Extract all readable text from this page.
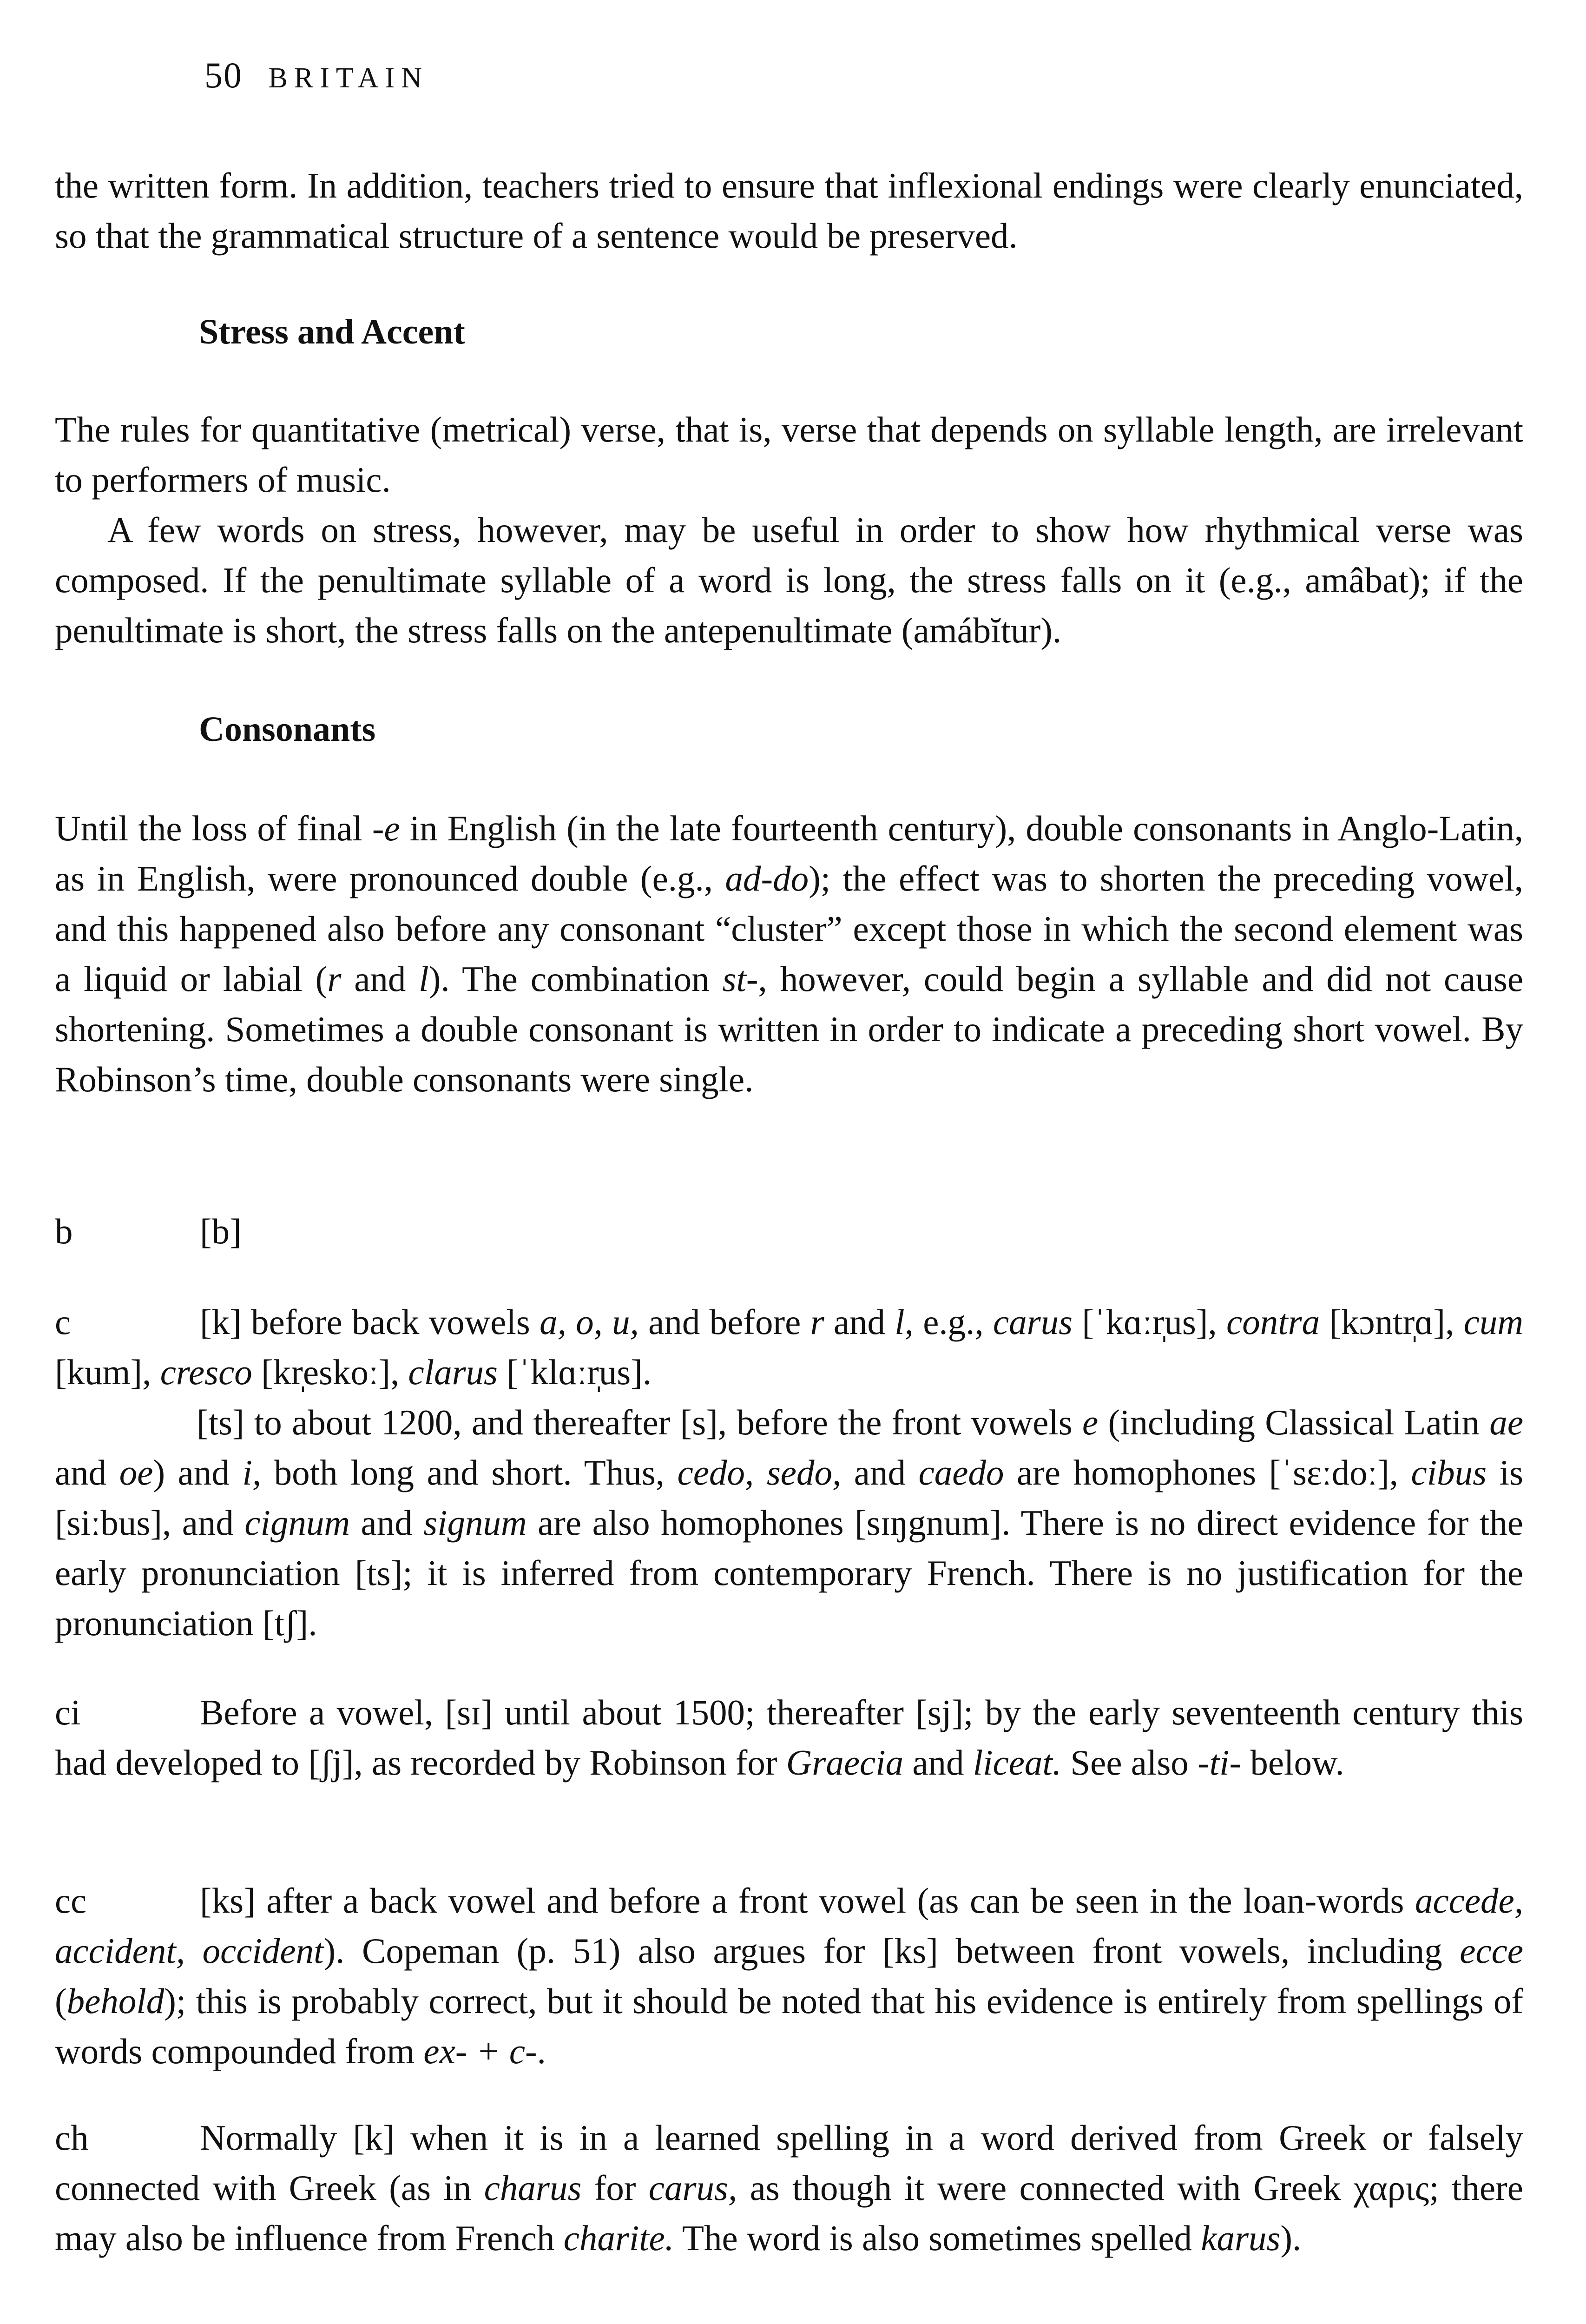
50 BRITAIN

the written form. In addition, teachers tried to ensure that inflexional endings were clearly enunciated, so that the grammatical structure of a sentence would be preserved.

Stress and Accent

The rules for quantitative (metrical) verse, that is, verse that depends on syllable length, are irrelevant to performers of music.

A few words on stress, however, may be useful in order to show how rhythmical verse was composed. If the penultimate syllable of a word is long, the stress falls on it (e.g., amâbat); if the penultimate is short, the stress falls on the antepenultimate (amábĭtur).

Consonants

Until the loss of final -e in English (in the late fourteenth century), double consonants in Anglo-Latin, as in English, were pronounced double (e.g., ad-do); the effect was to shorten the preceding vowel, and this happened also before any consonant “cluster” except those in which the second element was a liquid or labial (r and l). The combination st-, however, could begin a syllable and did not cause shortening. Sometimes a double consonant is written in order to indicate a preceding short vowel. By Robinson’s time, double consonants were single.

b	[b]

c	[k] before back vowels a, o, u, and before r and l, e.g., carus [ˈkɑːr̩us], contra [kɔntr̩ɑ], cum [kum], cresco [kr̩eskoː], clarus [ˈklɑːr̩us].

[ts] to about 1200, and thereafter [s], before the front vowels e (including Classical Latin ae and oe) and i, both long and short. Thus, cedo, sedo, and caedo are homophones [ˈsɛːdoː], cibus is [siːbus], and cignum and signum are also homophones [sɪŋgnum]. There is no direct evidence for the early pronunciation [ts]; it is inferred from contemporary French. There is no justification for the pronunciation [tʃ].

ci	Before a vowel, [sɪ] until about 1500; thereafter [sj]; by the early seventeenth century this had developed to [ʃj], as recorded by Robinson for Graecia and liceat. See also -ti- below.

cc	[ks] after a back vowel and before a front vowel (as can be seen in the loan-words accede, accident, occident). Copeman (p. 51) also argues for [ks] between front vowels, including ecce (behold); this is probably correct, but it should be noted that his evidence is entirely from spellings of words compounded from ex- + c-.

ch	Normally [k] when it is in a learned spelling in a word derived from Greek or falsely connected with Greek (as in charus for carus, as though it were connected with Greek χαρις; there may also be influence from French charite. The word is also sometimes spelled karus).
